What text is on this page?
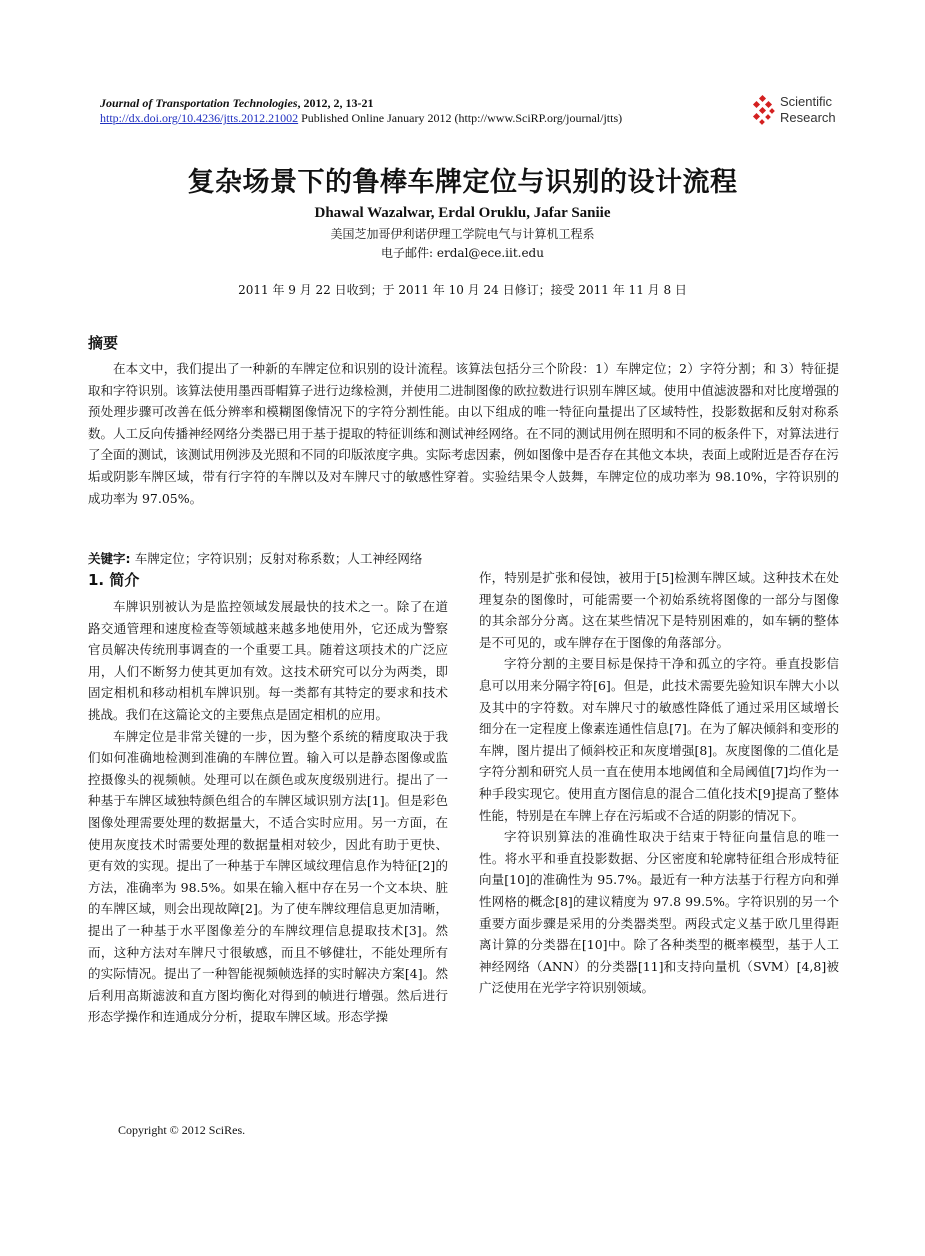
Journal of Transportation Technologies, 2012, 2, 13-21
http://dx.doi.org/10.4236/jtts.2012.21002 Published Online January 2012 (http://www.SciRP.org/journal/jtts)
Scientific
Research
复杂场景下的鲁棒车牌定位与识别的设计流程
Dhawal Wazalwar, Erdal Oruklu, Jafar Saniie
美国芝加哥伊利诺伊理工学院电气与计算机工程系
电子邮件: erdal@ece.iit.edu
2011 年 9 月 22 日收到；于 2011 年 10 月 24 日修订；接受 2011 年 11 月 8 日
摘要
在本文中，我们提出了一种新的车牌定位和识别的设计流程。该算法包括分三个阶段：1）车牌定位；2）字符分割；和 3）特征提取和字符识别。该算法使用墨西哥帽算子进行边缘检测，并使用二进制图像的欧拉数进行识别车牌区域。使用中值滤波器和对比度增强的预处理步骤可改善在低分辨率和模糊图像情况下的字符分割性能。由以下组成的唯一特征向量提出了区域特性，投影数据和反射对称系数。人工反向传播神经网络分类器已用于基于提取的特征训练和测试神经网络。在不同的测试用例在照明和不同的板条件下，对算法进行了全面的测试，该测试用例涉及光照和不同的印版浓度字典。实际考虑因素，例如图像中是否存在其他文本块，表面上或附近是否存在污垢或阴影车牌区域，带有行字符的车牌以及对车牌尺寸的敏感性穿着。实验结果令人鼓舞，车牌定位的成功率为 98.10%，字符识别的成功率为 97.05%。
关键字: 车牌定位；字符识别；反射对称系数；人工神经网络
1. 简介

车牌识别被认为是监控领域发展最快的技术之一。除了在道路交通管理和速度检查等领域越来越多地使用外，它还成为警察官员解决传统刑事调查的一个重要工具。随着这项技术的广泛应用，人们不断努力使其更加有效。这技术研究可以分为两类，即固定相机和移动相机车牌识别。每一类都有其特定的要求和技术挑战。我们在这篇论文的主要焦点是固定相机的应用。

车牌定位是非常关键的一步，因为整个系统的精度取决于我们如何准确地检测到准确的车牌位置。输入可以是静态图像或监控摄像头的视频帧。处理可以在颜色或灰度级别进行。提出了一种基于车牌区域独特颜色组合的车牌区域识别方法[1]。但是彩色图像处理需要处理的数据量大，不适合实时应用。另一方面，在使用灰度技术时需要处理的数据量相对较少，因此有助于更快、更有效的实现。提出了一种基于车牌区域纹理信息作为特征[2]的方法，准确率为 98.5%。如果在输入框中存在另一个文本块、脏的车牌区域，则会出现故障[2]。为了使车牌纹理信息更加清晰，提出了一种基于水平图像差分的车牌纹理信息提取技术[3]。然而，这种方法对车牌尺寸很敏感，而且不够健壮，不能处理所有的实际情况。提出了一种智能视频帧选择的实时解决方案[4]。然后利用高斯滤波和直方图均衡化对得到的帧进行增强。然后进行形态学操作和连通成分分析，提取车牌区域。形态学操

作，特别是扩张和侵蚀，被用于[5]检测车牌区域。这种技术在处理复杂的图像时，可能需要一个初始系统将图像的一部分与图像的其余部分分离。这在某些情况下是特别困难的，如车辆的整体是不可见的，或车牌存在于图像的角落部分。

字符分割的主要目标是保持干净和孤立的字符。垂直投影信息可以用来分隔字符[6]。但是，此技术需要先验知识车牌大小以及其中的字符数。对车牌尺寸的敏感性降低了通过采用区域增长细分在一定程度上像素连通性信息[7]。在为了解决倾斜和变形的车牌，图片提出了倾斜校正和灰度增强[8]。灰度图像的二值化是字符分割和研究人员一直在使用本地阈值和全局阈值[7]均作为一种手段实现它。使用直方图信息的混合二值化技术[9]提高了整体性能，特别是在车牌上存在污垢或不合适的阴影的情况下。

字符识别算法的准确性取决于结束于特征向量信息的唯一性。将水平和垂直投影数据、分区密度和轮廓特征组合形成特征向量[10]的准确性为 95.7%。最近有一种方法基于行程方向和弹性网格的概念[8]的建议精度为 97.8 99.5%。字符识别的另一个重要方面步骤是采用的分类器类型。两段式定义基于欧几里得距离计算的分类器在[10]中。除了各种类型的概率模型，基于人工神经网络（ANN）的分类器[11]和支持向量机（SVM）[4,8]被广泛使用在光学字符识别领域。

Copyright © 2012 SciRes.
